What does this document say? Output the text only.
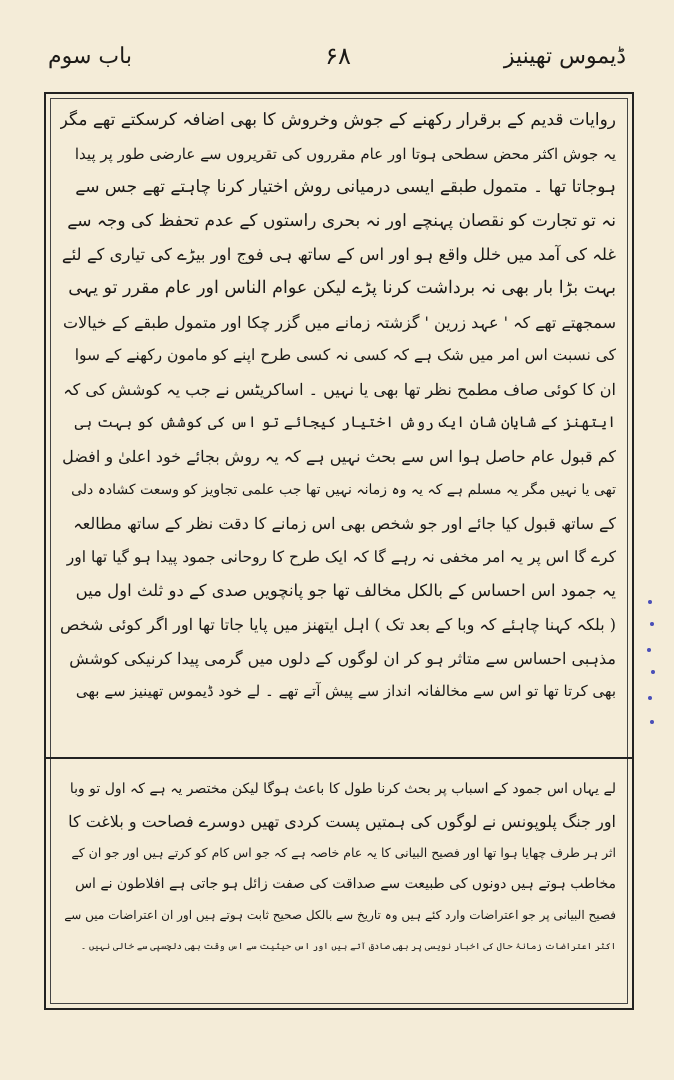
باب سوم	۶۸	ڈیموس تھینیز
روایات قدیم کے برقرار رکھنے کے جوش وخروش کا بھی اضافہ کرسکتے تھے مگر
یہ جوش اکثر محض سطحی ہوتا اور عام مقرروں کی تقریروں سے عارضی طور پر پیدا
ہوجاتا تھا ۔ متمول طبقے ایسی درمیانی روش اختیار کرنا چاہتے تھے جس سے
نہ تو تجارت کو نقصان پہنچے اور نہ بحری راستوں کے عدم تحفظ کی وجہ سے
غلہ کی آمد میں خلل واقع ہو اور اس کے ساتھ ہی فوج اور بیڑے کی تیاری کے لئے
بہت بڑا بار بھی نہ برداشت کرنا پڑے لیکن عوام الناس اور عام مقرر تو یہی
سمجھتے تھے کہ ' عہد زرین ' گزشتہ زمانے میں گزر چکا اور متمول طبقے کے خیالات
کی نسبت اس امر میں شک ہے کہ کسی نہ کسی طرح اپنے کو مامون رکھنے کے سوا
ان کا کوئی صاف مطمح نظر تھا بھی یا نہیں ۔ اساکریٹس نے جب یہ کوشش کی کہ
ایتھنز کے شایان شان ایک روش اختیار کیجائے تو اس کی کوشش کو بہت ہی
کم قبول عام حاصل ہوا اس سے بحث نہیں ہے کہ یہ روش بجائے خود اعلیٰ و افضل
تھی یا نہیں مگر یہ مسلم ہے کہ یہ وہ زمانہ نہیں تھا جب علمی تجاویز کو وسعت کشادہ دلی
کے ساتھ قبول کیا جائے اور جو شخص بھی اس زمانے کا دقت نظر کے ساتھ مطالعہ
کرے گا اس پر یہ امر مخفی نہ رہے گا کہ ایک طرح کا روحانی جمود پیدا ہو گیا تھا اور
یہ جمود اس احساس کے بالکل مخالف تھا جو پانچویں صدی کے دو ثلث اول میں
( بلکہ کہنا چاہئے کہ وبا کے بعد تک ) اہل ایتھنز میں پایا جاتا تھا اور اگر کوئی شخص
مذہبی احساس سے متاثر ہو کر ان لوگوں کے دلوں میں گرمی پیدا کرنیکی کوشش
بھی کرتا تھا تو اس سے مخالفانہ انداز سے پیش آتے تھے ۔ لے خود ڈیموس تھینیز سے بھی
لے یہاں اس جمود کے اسباب پر بحث کرنا طول کا باعث ہوگا لیکن مختصر یہ ہے کہ اول تو وبا
اور جنگ پلوپونس نے لوگوں کی ہمتیں پست کردی تھیں دوسرے فصاحت و بلاغت کا
اثر ہر طرف چھایا ہوا تھا اور فصیح البیانی کا یہ عام خاصہ ہے کہ جو اس کام کو کرتے ہیں اور جو ان کے
مخاطب ہوتے ہیں دونوں کی طبیعت سے صداقت کی صفت زائل ہو جاتی ہے افلاطون نے اس
فصیح البیانی پر جو اعتراضات وارد کئے ہیں وہ تاریخ سے بالکل صحیح ثابت ہوتے ہیں اور ان اعتراضات میں سے
اکثر اعتراضات زمانۂ حال کی اخبار نویسی پر بھی صادق آتے ہیں اور اس حیثیت سے اس وقت بھی دلچسپی سے خالی نہیں ۔
